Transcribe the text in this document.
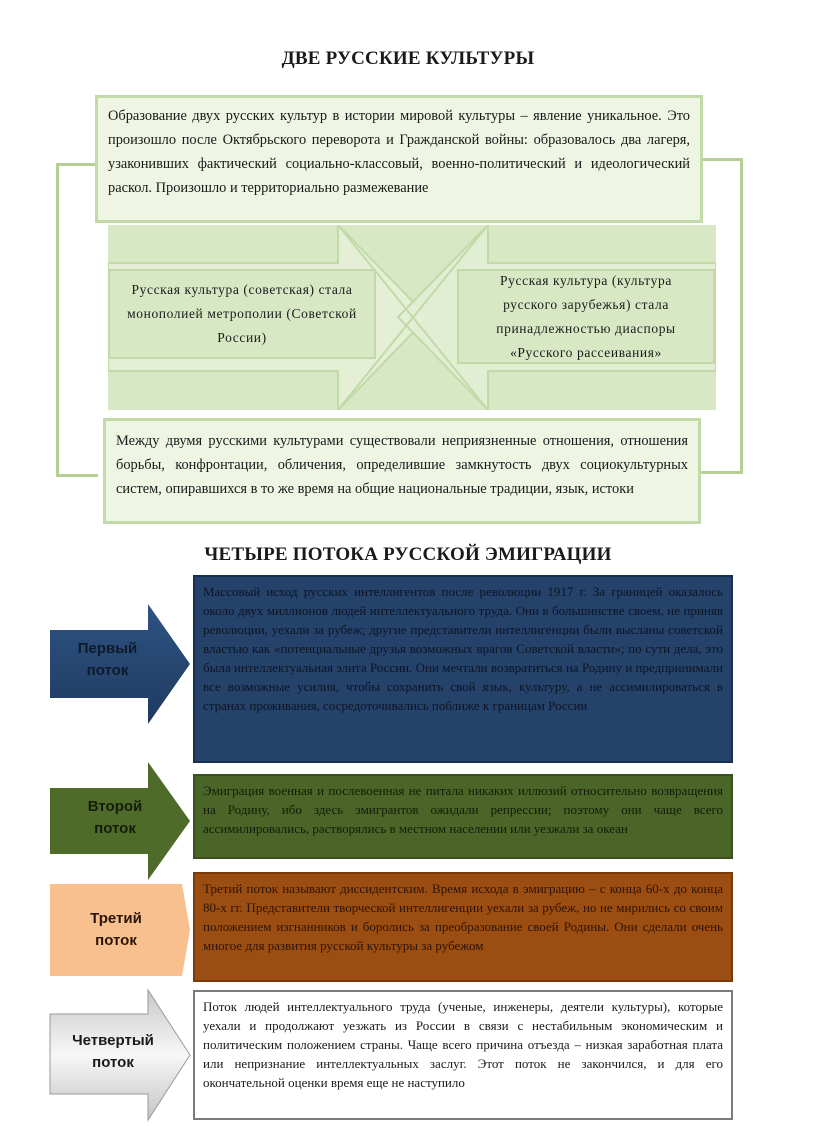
ДВЕ РУССКИЕ КУЛЬТУРЫ
Образование двух русских культур в истории мировой культуры – явление уникальное. Это произошло после Октябрьского переворота и Гражданской войны: образовалось два лагеря, узаконивших фактический социально-классовый, военно-политический и идеологический раскол. Произошло и территориально размежевание
Русская культура (советская) стала монополией метрополии (Советской России)
Русская культура (культура русского зарубежья) стала принадлежностью диаспоры «Русского рассеивания»
Между двумя русскими культурами существовали неприязненные отношения, отношения борьбы, конфронтации, обличения, определившие замкнутость двух социокультурных систем, опиравшихся в то же время на общие национальные традиции, язык, истоки
ЧЕТЫРЕ ПОТОКА РУССКОЙ ЭМИГРАЦИИ
Массовый исход русских интеллигентов после революции 1917 г. За границей оказалось около двух миллионов людей интеллектуального труда. Они в большинстве своем, не приняв революции, уехали за рубеж; другие представители интеллигенции были высланы советской властью как «потенциальные друзья возможных врагов Советской власти»; по сути дела, это была интеллектуальная элита России. Они мечтали возвратиться на Родину и предпринимали все возможные усилия, чтобы сохранить свой язык, культуру, а не ассимилироваться в странах проживания, сосредоточивались поближе к границам России
Первый
поток
Эмиграция военная и послевоенная не питала никаких иллюзий относительно возвращения на Родину, ибо здесь эмигрантов ожидали репрессии; поэтому они чаще всего ассимилировались, растворялись в местном населении или уезжали за океан
Второй
поток
Третий поток называют диссидентским. Время исхода в эмиграцию – с конца 60-х до конца 80-х гг. Представители творческой интеллигенции уехали за рубеж, но не мирились со своим положением изгнанников и боролись за преобразование своей Родины. Они сделали очень многое для развития русской культуры за рубежом
Третий
поток
Поток людей интеллектуального труда (ученые, инженеры, деятели культуры), которые уехали и продолжают уезжать из России в связи с нестабильным экономическим и политическим положением страны. Чаще всего причина отъезда – низкая заработная плата или непризнание интеллектуальных заслуг. Этот поток не закончился, и для его окончательной оценки время еще не наступило
Четвертый
поток
